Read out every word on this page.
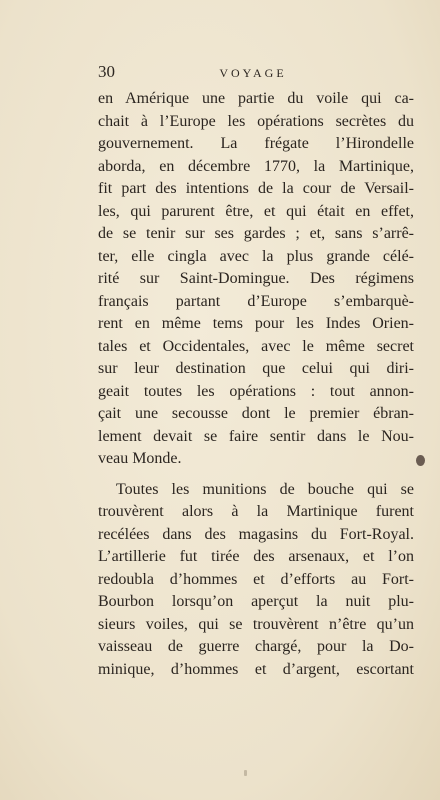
30	VOYAGE
en Amérique une partie du voile qui ca-
chait à l’Europe les opérations secrètes du
gouvernement. La frégate l’Hirondelle
aborda, en décembre 1770, la Martinique,
fit part des intentions de la cour de Versail-
les, qui parurent être, et qui était en effet,
de se tenir sur ses gardes ; et, sans s’arrê-
ter, elle cingla avec la plus grande célé-
rité sur Saint-Domingue. Des régimens
français partant d’Europe s’embarquè-
rent en même tems pour les Indes Orien-
tales et Occidentales, avec le même secret
sur leur destination que celui qui diri-
geait toutes les opérations : tout annon-
çait une secousse dont le premier ébran-
lement devait se faire sentir dans le Nou-
veau Monde.
Toutes les munitions de bouche qui se
trouvèrent alors à la Martinique furent
recélées dans des magasins du Fort-Royal.
L’artillerie fut tirée des arsenaux, et l’on
redoubla d’hommes et d’efforts au Fort-
Bourbon lorsqu’on aperçut la nuit plu-
sieurs voiles, qui se trouvèrent n’être qu’un
vaisseau de guerre chargé, pour la Do-
minique, d’hommes et d’argent, escortant
